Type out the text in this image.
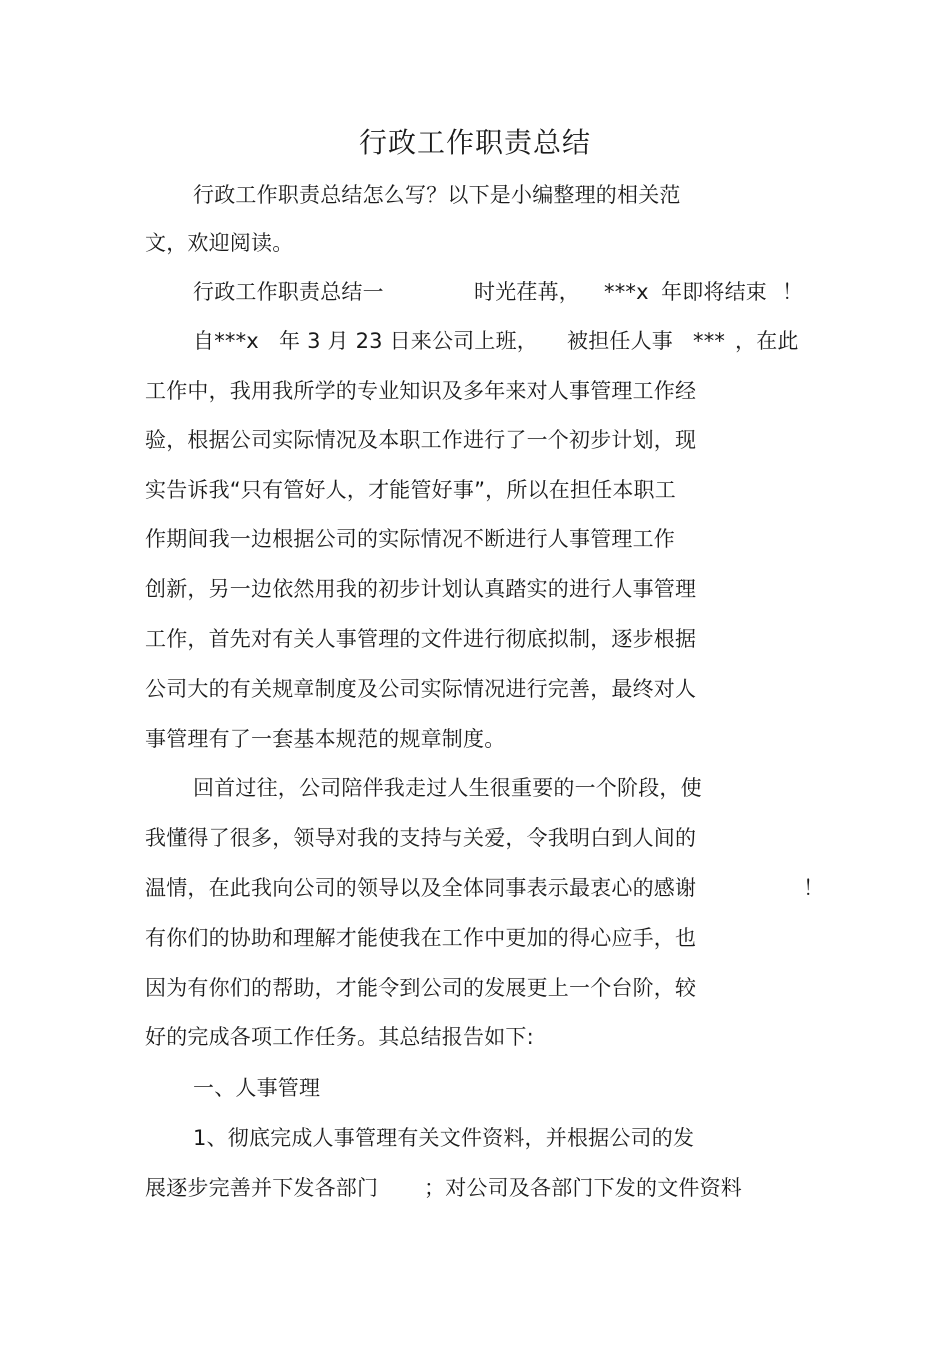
行政工作职责总结

行政工作职责总结怎么写？以下是小编整理的相关范

文，欢迎阅读。

行政工作职责总结一	时光荏苒， ***x 年即将结束 ！
自***x 年 3 月 23 日来公司上班， 被担任人事 *** ，在此

工作中，我用我所学的专业知识及多年来对人事管理工作经

验，根据公司实际情况及本职工作进行了一个初步计划，现

实告诉我“只有管好人，才能管好事”，所以在担任本职工

作期间我一边根据公司的实际情况不断进行人事管理工作

创新，另一边依然用我的初步计划认真踏实的进行人事管理

工作，首先对有关人事管理的文件进行彻底拟制，逐步根据

公司大的有关规章制度及公司实际情况进行完善，最终对人

事管理有了一套基本规范的规章制度。

回首过往，公司陪伴我走过人生很重要的一个阶段，使

我懂得了很多，领导对我的支持与关爱，令我明白到人间的

温情，在此我向公司的领导以及全体同事表示最衷心的感谢	！

有你们的协助和理解才能使我在工作中更加的得心应手，也

因为有你们的帮助，才能令到公司的发展更上一个台阶，较

好的完成各项工作任务。其总结报告如下:

一、人事管理

1、彻底完成人事管理有关文件资料，并根据公司的发

展逐步完善并下发各部门 ；对公司及各部门下发的文件资料
